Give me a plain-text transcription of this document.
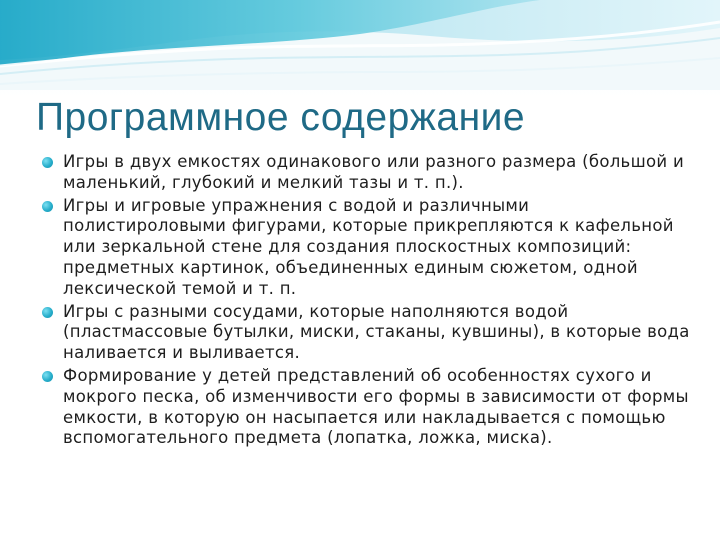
Программное содержание
Игры в двух емкостях одинакового или разного размера (большой и маленький, глубокий и мелкий тазы и т. п.).
Игры и игровые упражнения с водой и различными полистироловыми фигурами, которые прикрепляются к кафельной или зеркальной стене для создания плоскостных композиций: предметных картинок, объединенных единым сюжетом, одной лексической темой и т. п.
Игры с разными сосудами, которые наполняются водой (пластмассовые бутылки, миски, стаканы, кувшины), в которые вода наливается и выливается.
Формирование у детей представлений об особенностях сухого и мокрого песка, об изменчивости его формы в зависимости от формы емкости, в которую он насыпается или накладывается с помощью вспомогательного предмета (лопатка, ложка, миска).
